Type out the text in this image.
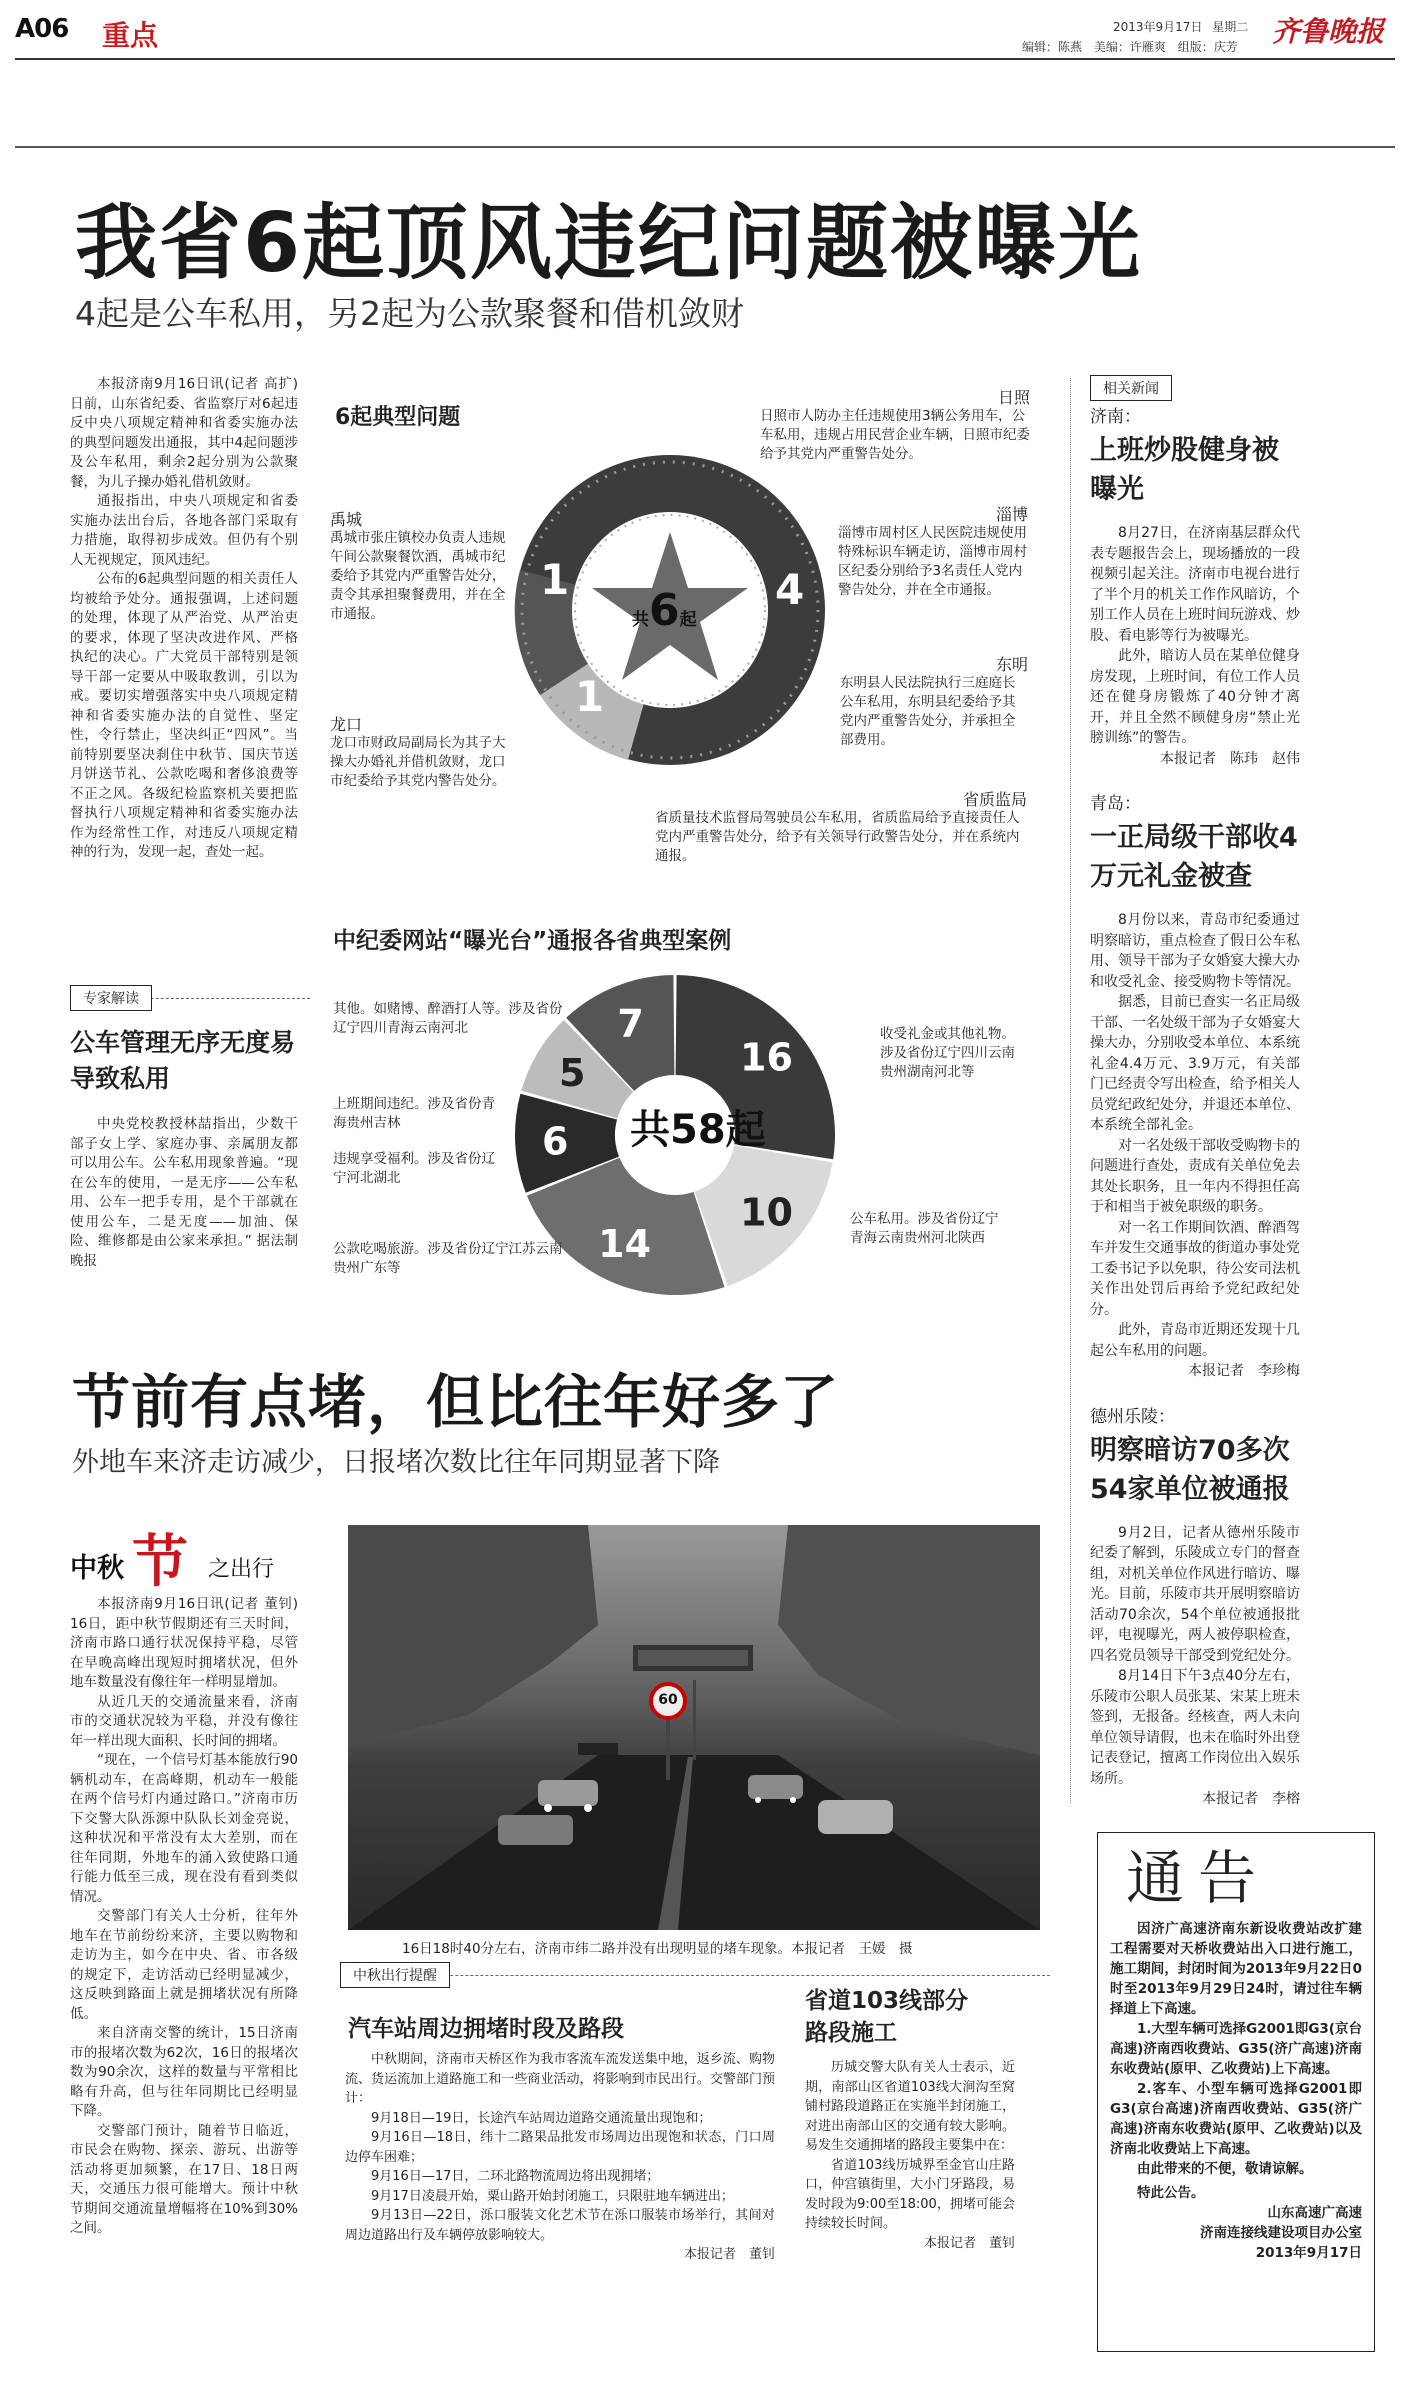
A06 重点	2013年9月17日 星期二
编辑：陈燕 美编：许雁爽 组版：庆芳 齐鲁晚报
我省6起顶风违纪问题被曝光
4起是公车私用，另2起为公款聚餐和借机敛财

本报济南9月16日讯(记者 高扩) 日前，山东省纪委、省监察厅对6起违反中央八项规定精神和省委实施办法的典型问题发出通报，其中4起问题涉及公车私用，剩余2起分别为公款聚餐，为儿子操办婚礼借机敛财。

通报指出，中央八项规定和省委实施办法出台后，各地各部门采取有力措施，取得初步成效。但仍有个别人无视规定，顶风违纪。

公布的6起典型问题的相关责任人均被给予处分。通报强调，上述问题的处理，体现了从严治党、从严治吏的要求，体现了坚决改进作风、严格执纪的决心。广大党员干部特别是领导干部一定要从中吸取教训，引以为戒。要切实增强落实中央八项规定精神和省委实施办法的自觉性、坚定性，令行禁止，坚决纠正“四风”。当前特别要坚决刹住中秋节、国庆节送月饼送节礼、公款吃喝和奢侈浪费等不正之风。各级纪检监察机关要把监督执行八项规定精神和省委实施办法作为经常性工作，对违反八项规定精神的行为，发现一起，查处一起。

6起典型问题
共6起
1	4
1
日照
日照市人防办主任违规使用3辆公务用车，公车私用，违规占用民营企业车辆，日照市纪委给予其党内严重警告处分。
淄博
淄博市周村区人民医院违规使用特殊标识车辆走访，淄博市周村区纪委分别给予3名责任人党内警告处分，并在全市通报。
东明
东明县人民法院执行三庭庭长公车私用，东明县纪委给予其党内严重警告处分，并承担全部费用。
省质监局
省质量技术监督局驾驶员公车私用，省质监局给予直接责任人党内严重警告处分，给予有关领导行政警告处分，并在系统内通报。
禹城
禹城市张庄镇校办负责人违规午间公款聚餐饮酒，禹城市纪委给予其党内严重警告处分，责令其承担聚餐费用，并在全市通报。
龙口
龙口市财政局副局长为其子大操大办婚礼并借机敛财，龙口市纪委给予其党内警告处分。
中纪委网站“曝光台”通报各省典型案例
16
10
14
6
5
7
共58起
收受礼金或其他礼物。涉及省份辽宁四川云南贵州湖南河北等
公车私用。涉及省份辽宁青海云南贵州河北陕西
公款吃喝旅游。涉及省份辽宁江苏云南贵州广东等
违规享受福利。涉及省份辽宁河北湖北
上班期间违纪。涉及省份青海贵州吉林
其他。如赌博、醉酒打人等。涉及省份辽宁四川青海云南河北
专家解读
公车管理无序无度易导致私用

中央党校教授林喆指出，少数干部子女上学、家庭办事、亲属朋友都可以用公车。公车私用现象普遍。“现在公车的使用，一是无序——公车私用、公车一把手专用，是个干部就在使用公车，二是无度——加油、保险、维修都是由公家来承担。” 据法制晚报

相关新闻
济南：
上班炒股健身被曝光

8月27日，在济南基层群众代表专题报告会上，现场播放的一段视频引起关注。济南市电视台进行了半个月的机关工作作风暗访，个别工作人员在上班时间玩游戏、炒股、看电影等行为被曝光。

此外，暗访人员在某单位健身房发现，上班时间，有位工作人员还在健身房锻炼了40分钟才离开，并且全然不顾健身房“禁止光膀训练”的警告。

本报记者　陈玮　赵伟
青岛：
一正局级干部收4万元礼金被查

8月份以来，青岛市纪委通过明察暗访，重点检查了假日公车私用、领导干部为子女婚宴大操大办和收受礼金、接受购物卡等情况。

据悉，目前已查实一名正局级干部、一名处级干部为子女婚宴大操大办，分别收受本单位、本系统礼金4.4万元、3.9万元，有关部门已经责令写出检查，给予相关人员党纪政纪处分，并退还本单位、本系统全部礼金。

对一名处级干部收受购物卡的问题进行查处，责成有关单位免去其处长职务，且一年内不得担任高于和相当于被免职级的职务。

对一名工作期间饮酒、醉酒驾车并发生交通事故的街道办事处党工委书记予以免职，待公安司法机关作出处罚后再给予党纪政纪处分。

此外，青岛市近期还发现十几起公车私用的问题。

本报记者　李珍梅
德州乐陵：
明察暗访70多次54家单位被通报

9月2日，记者从德州乐陵市纪委了解到，乐陵成立专门的督查组，对机关单位作风进行暗访、曝光。目前，乐陵市共开展明察暗访活动70余次，54个单位被通报批评，电视曝光，两人被停职检查，四名党员领导干部受到党纪处分。

8月14日下午3点40分左右，乐陵市公职人员张某、宋某上班未签到，无报备。经核查，两人未向单位领导请假，也未在临时外出登记表登记，擅离工作岗位出入娱乐场所。

本报记者　李榕
通告

因济广高速济南东新设收费站改扩建工程需要对天桥收费站出入口进行施工，施工期间，封闭时间为2013年9月22日0时至2013年9月29日24时，请过往车辆择道上下高速。

1.大型车辆可选择G2001即G3(京台高速)济南西收费站、G35(济广高速)济南东收费站(原甲、乙收费站)上下高速。

2.客车、小型车辆可选择G2001即G3(京台高速)济南西收费站、G35(济广高速)济南东收费站(原甲、乙收费站)以及济南北收费站上下高速。

由此带来的不便，敬请谅解。

特此公告。
山东高速广高速
济南连接线建设项目办公室
2013年9月17日
节前有点堵，但比往年好多了
外地车来济走访减少，日报堵次数比往年同期显著下降
中秋 节 之出行

本报济南9月16日讯(记者 董钊) 16日，距中秋节假期还有三天时间，济南市路口通行状况保持平稳，尽管在早晚高峰出现短时拥堵状况，但外地车数量没有像往年一样明显增加。

从近几天的交通流量来看，济南市的交通状况较为平稳，并没有像往年一样出现大面积、长时间的拥堵。

“现在，一个信号灯基本能放行90辆机动车，在高峰期，机动车一般能在两个信号灯内通过路口。”济南市历下交警大队泺源中队队长刘金亮说，这种状况和平常没有太大差别，而在往年同期，外地车的涌入致使路口通行能力低至三成，现在没有看到类似情况。

交警部门有关人士分析，往年外地车在节前纷纷来济，主要以购物和走访为主，如今在中央、省、市各级的规定下，走访活动已经明显减少，这反映到路面上就是拥堵状况有所降低。

来自济南交警的统计，15日济南市的报堵次数为62次，16日的报堵次数为90余次，这样的数量与平常相比略有升高，但与往年同期比已经明显下降。

交警部门预计，随着节日临近，市民会在购物、探亲、游玩、出游等活动将更加频繁，在17日、18日两天，交通压力很可能增大。预计中秋节期间交通流量增幅将在10%到30%之间。

60
16日18时40分左右，济南市纬二路并没有出现明显的堵车现象。本报记者　王媛　摄
中秋出行提醒
汽车站周边拥堵时段及路段

中秋期间，济南市天桥区作为我市客流车流发送集中地，返乡流、购物流、货运流加上道路施工和一些商业活动，将影响到市民出行。交警部门预计：

9月18日—19日，长途汽车站周边道路交通流量出现饱和；

9月16日—18日，纬十二路果品批发市场周边出现饱和状态，门口周边停车困难；

9月16日—17日，二环北路物流周边将出现拥堵；

9月17日凌晨开始，粟山路开始封闭施工，只限驻地车辆进出；

9月13日—22日，泺口服装文化艺术节在泺口服装市场举行，其间对周边道路出行及车辆停放影响较大。

本报记者　董钊
省道103线部分路段施工

历城交警大队有关人士表示，近期，南部山区省道103线大涧沟至窝铺村路段道路正在实施半封闭施工，对进出南部山区的交通有较大影响。易发生交通拥堵的路段主要集中在：

省道103线历城界至金官山庄路口，仲宫镇街里，大小门牙路段，易发时段为9:00至18:00，拥堵可能会持续较长时间。

本报记者　董钊
